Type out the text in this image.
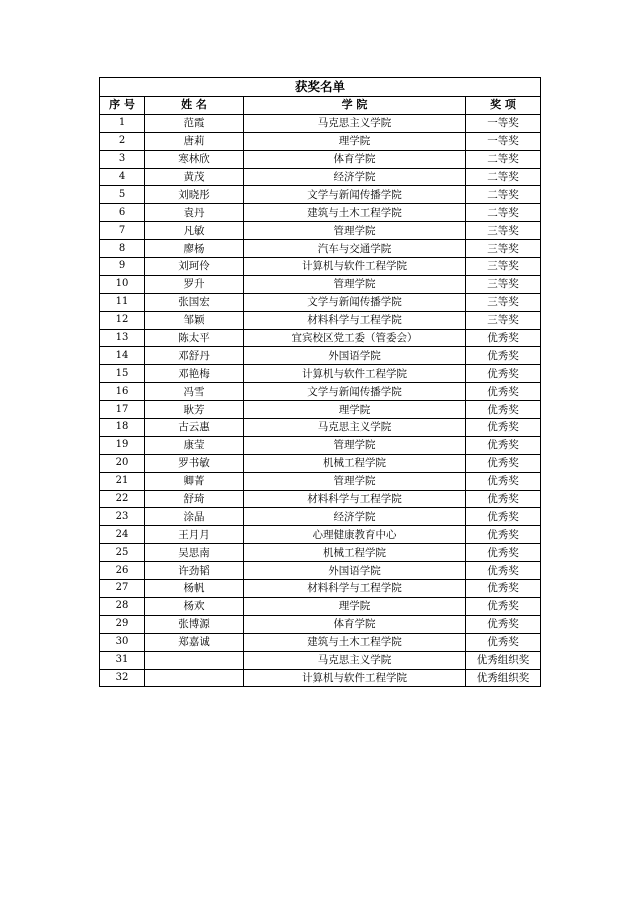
获奖名单			
序 号	姓 名	学 院	奖 项
1	范霞	马克思主义学院	一等奖
2	唐莉	理学院	一等奖
3	寒林欣	体育学院	二等奖
4	黄茂	经济学院	二等奖
5	刘晓彤	文学与新闻传播学院	二等奖
6	袁丹	建筑与土木工程学院	二等奖
7	凡敏	管理学院	三等奖
8	廖杨	汽车与交通学院	三等奖
9	刘珂伶	计算机与软件工程学院	三等奖
10	罗升	管理学院	三等奖
11	张国宏	文学与新闻传播学院	三等奖
12	邹颖	材料科学与工程学院	三等奖
13	陈太平	宜宾校区党工委（管委会）	优秀奖
14	邓舒丹	外国语学院	优秀奖
15	邓艳梅	计算机与软件工程学院	优秀奖
16	冯雪	文学与新闻传播学院	优秀奖
17	耿芳	理学院	优秀奖
18	古云惠	马克思主义学院	优秀奖
19	康莹	管理学院	优秀奖
20	罗书敏	机械工程学院	优秀奖
21	卿菁	管理学院	优秀奖
22	舒琦	材料科学与工程学院	优秀奖
23	涂晶	经济学院	优秀奖
24	王月月	心理健康教育中心	优秀奖
25	吴思南	机械工程学院	优秀奖
26	许劲韬	外国语学院	优秀奖
27	杨帆	材料科学与工程学院	优秀奖
28	杨欢	理学院	优秀奖
29	张博源	体育学院	优秀奖
30	郑嘉诚	建筑与土木工程学院	优秀奖
31		马克思主义学院	优秀组织奖
32		计算机与软件工程学院	优秀组织奖
